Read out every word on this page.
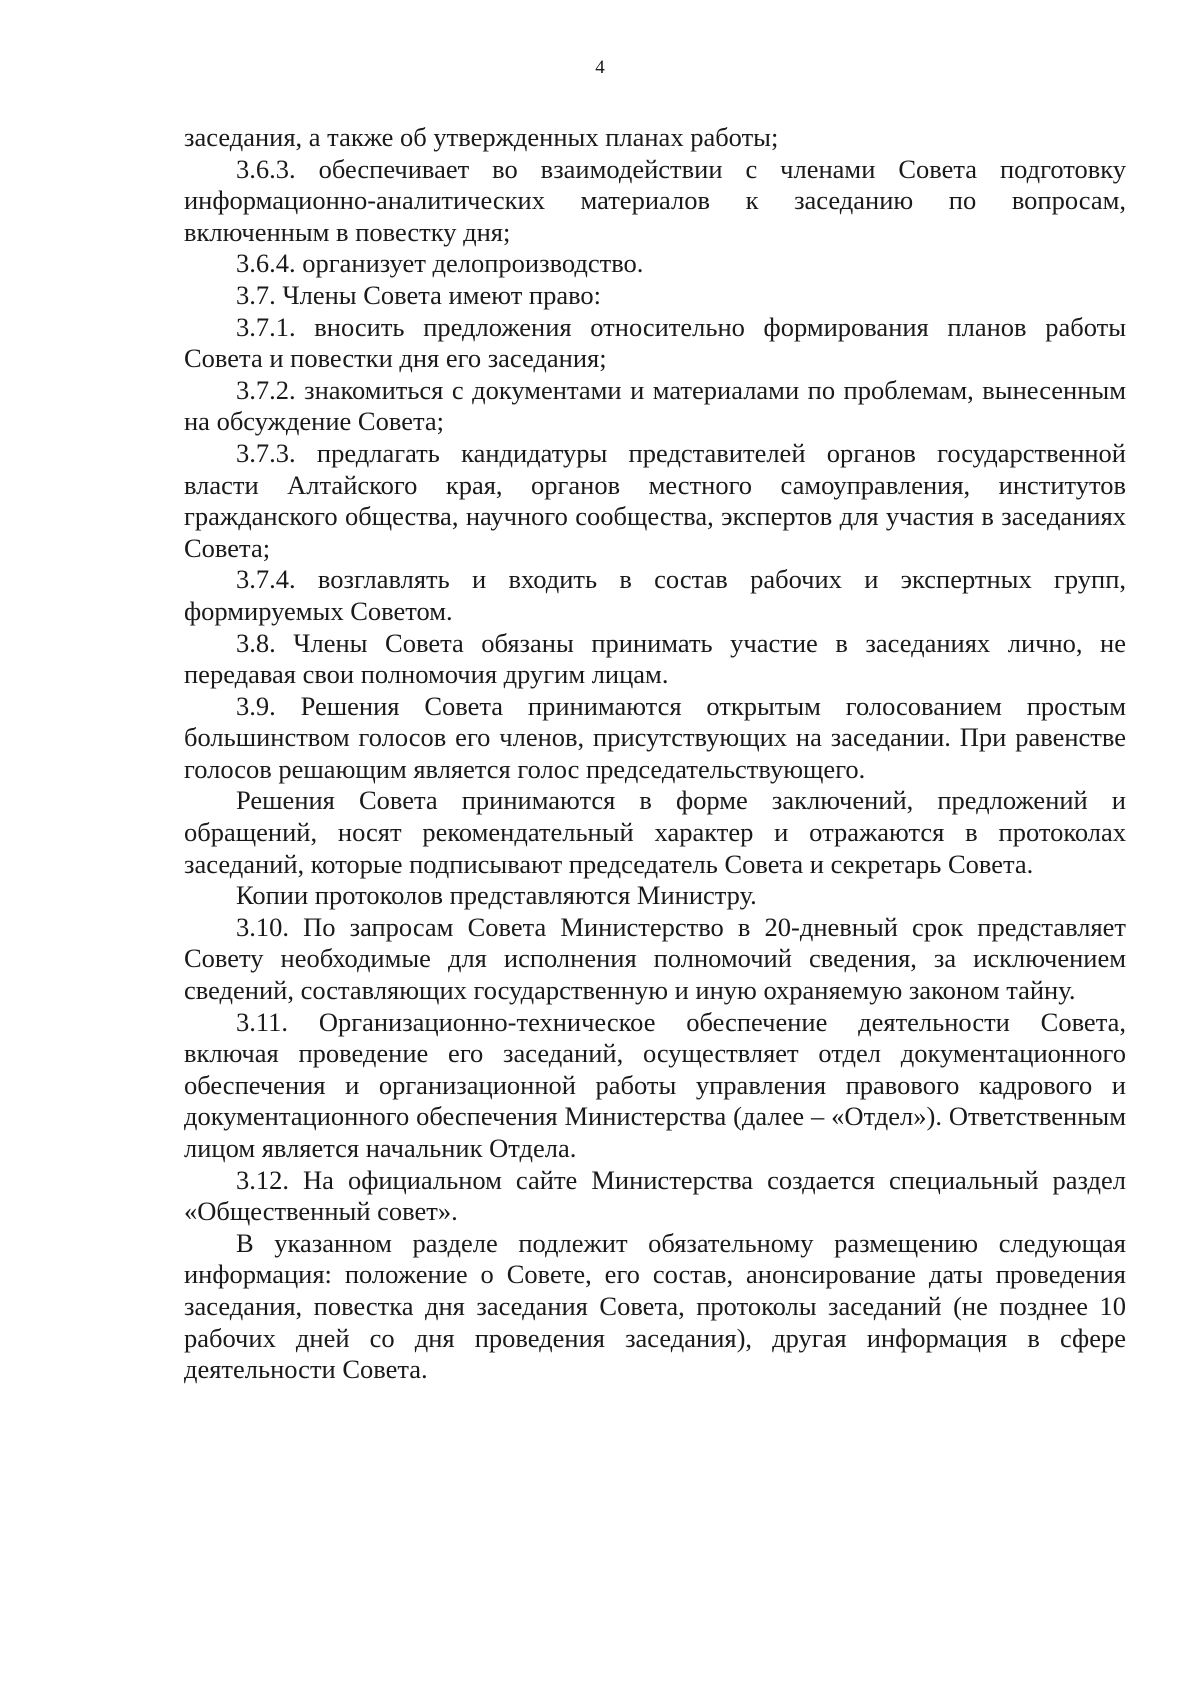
4

заседания, а также об утвержденных планах работы;

3.6.3. обеспечивает во взаимодействии с членами Совета подготовку информационно-аналитических материалов к заседанию по вопросам, включенным в повестку дня;

3.6.4. организует делопроизводство.

3.7. Члены Совета имеют право:

3.7.1. вносить предложения относительно формирования планов работы Совета и повестки дня его заседания;

3.7.2. знакомиться с документами и материалами по проблемам, вынесенным на обсуждение Совета;

3.7.3. предлагать кандидатуры представителей органов государственной власти Алтайского края, органов местного самоуправления, институтов гражданского общества, научного сообщества, экспертов для участия в заседаниях Совета;

3.7.4. возглавлять и входить в состав рабочих и экспертных групп, формируемых Советом.

3.8. Члены Совета обязаны принимать участие в заседаниях лично, не передавая свои полномочия другим лицам.

3.9. Решения Совета принимаются открытым голосованием простым большинством голосов его членов, присутствующих на заседании. При равенстве голосов решающим является голос председательствующего.

Решения Совета принимаются в форме заключений, предложений и обращений, носят рекомендательный характер и отражаются в протоколах заседаний, которые подписывают председатель Совета и секретарь Совета.

Копии протоколов представляются Министру.

3.10. По запросам Совета Министерство в 20-дневный срок представляет Совету необходимые для исполнения полномочий сведения, за исключением сведений, составляющих государственную и иную охраняемую законом тайну.

3.11. Организационно-техническое обеспечение деятельности Совета, включая проведение его заседаний, осуществляет отдел документационного обеспечения и организационной работы управления правового кадрового и документационного обеспечения Министерства (далее – «Отдел»). Ответственным лицом является начальник Отдела.

3.12. На официальном сайте Министерства создается специальный раздел «Общественный совет».

В указанном разделе подлежит обязательному размещению следующая информация: положение о Совете, его состав, анонсирование даты проведения заседания, повестка дня заседания Совета, протоколы заседаний (не позднее 10 рабочих дней со дня проведения заседания), другая информация в сфере деятельности Совета.
